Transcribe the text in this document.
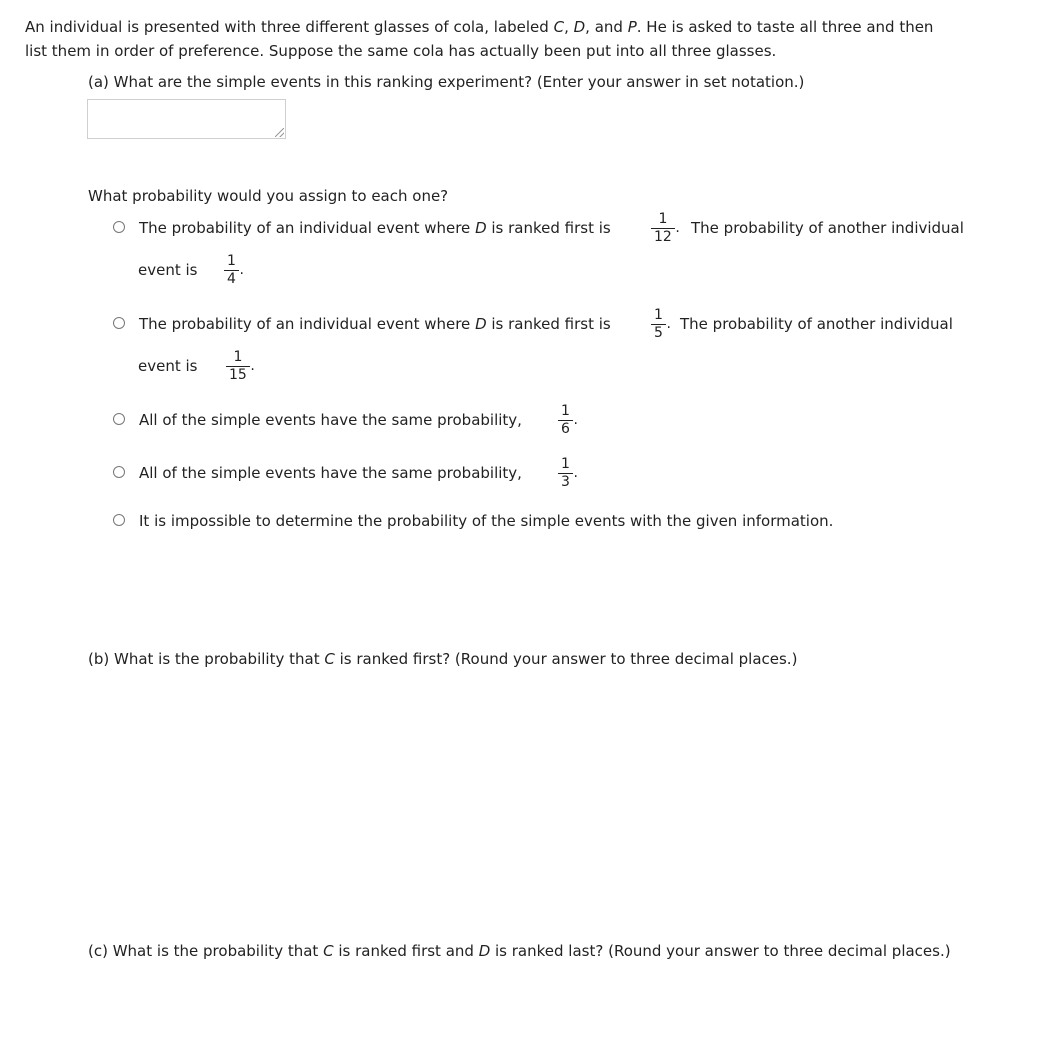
An individual is presented with three different glasses of cola, labeled C, D, and P. He is asked to taste all three and then
list them in order of preference. Suppose the same cola has actually been put into all three glasses.
(a) What are the simple events in this ranking experiment? (Enter your answer in set notation.)
What probability would you assign to each one?
The probability of an individual event where D is ranked first is	1
12
. The probability of another individual
event is 1
4
.
The probability of an individual event where D is ranked first is	1
5
. The probability of another individual
event is	1
15
.
All of the simple events have the same probability,	1
6
.
All of the simple events have the same probability,	1
3
.
It is impossible to determine the probability of the simple events with the given information.
(b) What is the probability that C is ranked first? (Round your answer to three decimal places.)
(c) What is the probability that C is ranked first and D is ranked last? (Round your answer to three decimal places.)
